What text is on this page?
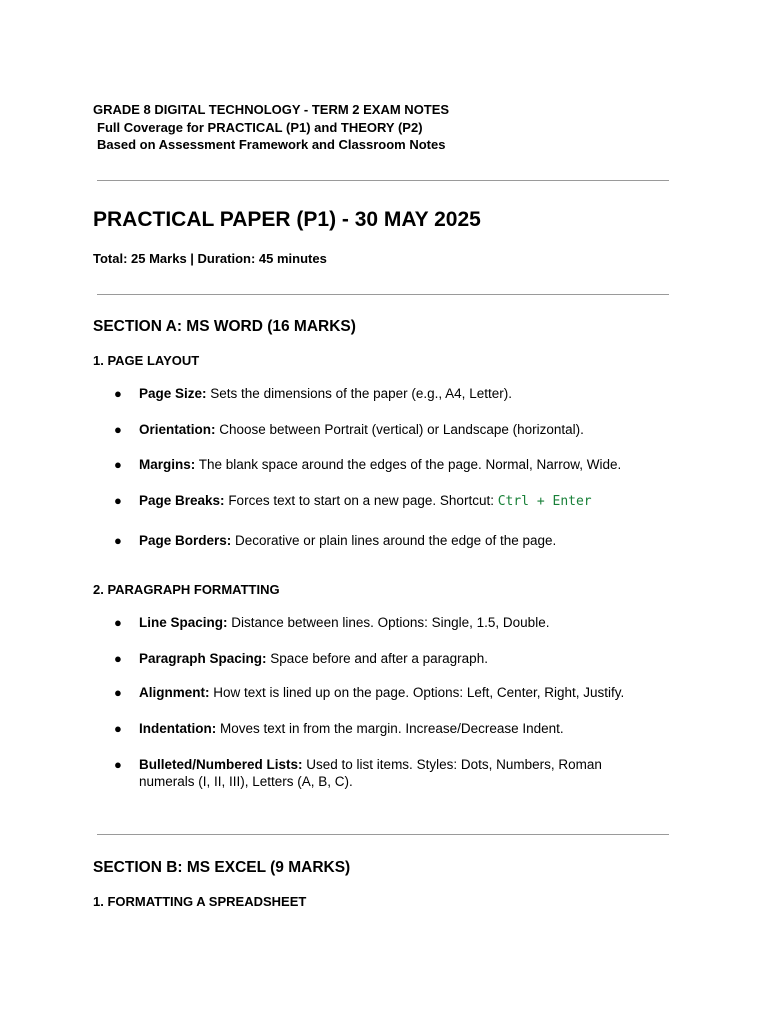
GRADE 8 DIGITAL TECHNOLOGY - TERM 2 EXAM NOTES
Full Coverage for PRACTICAL (P1) and THEORY (P2)
Based on Assessment Framework and Classroom Notes
PRACTICAL PAPER (P1) - 30 MAY 2025
Total: 25 Marks | Duration: 45 minutes
SECTION A: MS WORD (16 MARKS)
1. PAGE LAYOUT
● Page Size: Sets the dimensions of the paper (e.g., A4, Letter).
● Orientation: Choose between Portrait (vertical) or Landscape (horizontal).
● Margins: The blank space around the edges of the page. Normal, Narrow, Wide.
● Page Breaks: Forces text to start on a new page. Shortcut: Ctrl + Enter
● Page Borders: Decorative or plain lines around the edge of the page.
2. PARAGRAPH FORMATTING
● Line Spacing: Distance between lines. Options: Single, 1.5, Double.
● Paragraph Spacing: Space before and after a paragraph.
● Alignment: How text is lined up on the page. Options: Left, Center, Right, Justify.
● Indentation: Moves text in from the margin. Increase/Decrease Indent.
● Bulleted/Numbered Lists: Used to list items. Styles: Dots, Numbers, Roman numerals (I, II, III), Letters (A, B, C).
SECTION B: MS EXCEL (9 MARKS)
1. FORMATTING A SPREADSHEET
